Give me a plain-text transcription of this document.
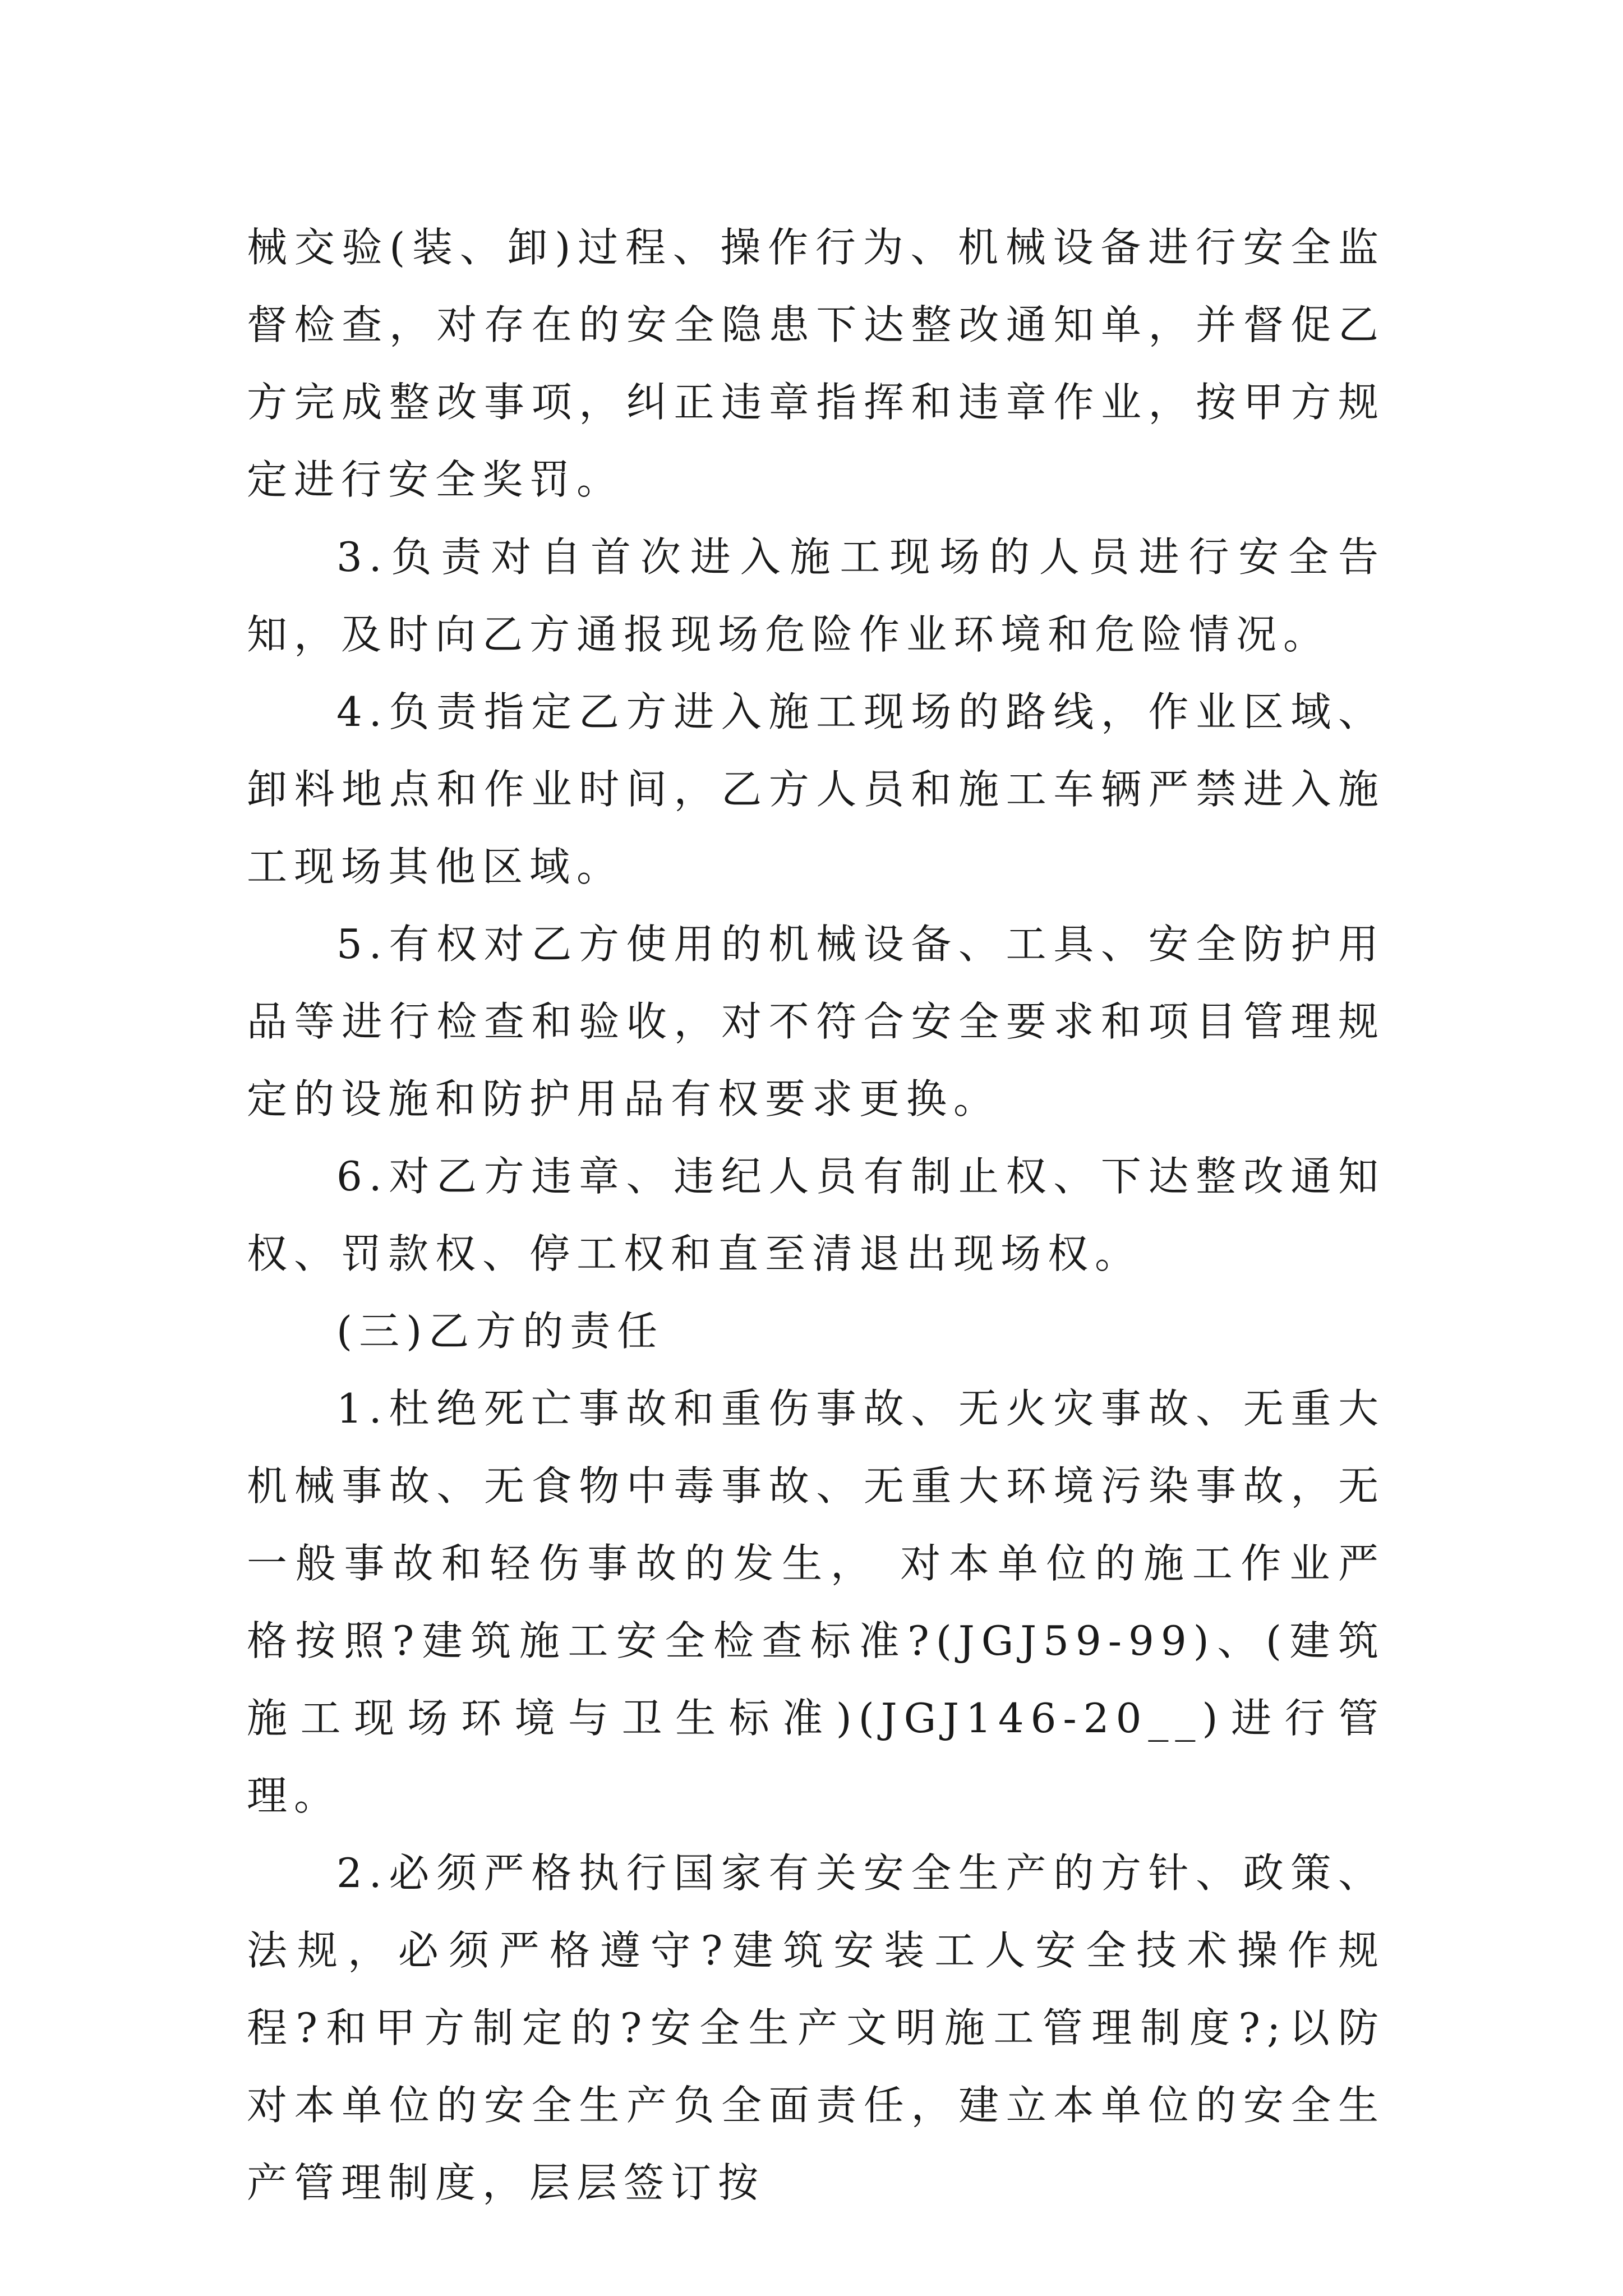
械交验(装、卸)过程、操作行为、机械设备进行安全监督检查，对存在的安全隐患下达整改通知单，并督促乙方完成整改事项，纠正违章指挥和违章作业，按甲方规定进行安全奖罚。

3.负责对自首次进入施工现场的人员进行安全告知，及时向乙方通报现场危险作业环境和危险情况。

4.负责指定乙方进入施工现场的路线，作业区域、卸料地点和作业时间，乙方人员和施工车辆严禁进入施工现场其他区域。

5.有权对乙方使用的机械设备、工具、安全防护用品等进行检查和验收，对不符合安全要求和项目管理规定的设施和防护用品有权要求更换。

6.对乙方违章、违纪人员有制止权、下达整改通知权、罚款权、停工权和直至清退出现场权。

(三)乙方的责任

1.杜绝死亡事故和重伤事故、无火灾事故、无重大机械事故、无食物中毒事故、无重大环境污染事故，无一般事故和轻伤事故的发生， 对本单位的施工作业严格按照?建筑施工安全检查标准?(JGJ59-99)、(建筑施工现场环境与卫生标准)(JGJ146-20__)进行管理。

2.必须严格执行国家有关安全生产的方针、政策、法规，必须严格遵守?建筑安装工人安全技术操作规程?和甲方制定的?安全生产文明施工管理制度?;以防对本单位的安全生产负全面责任，建立本单位的安全生产管理制度，层层签订按
